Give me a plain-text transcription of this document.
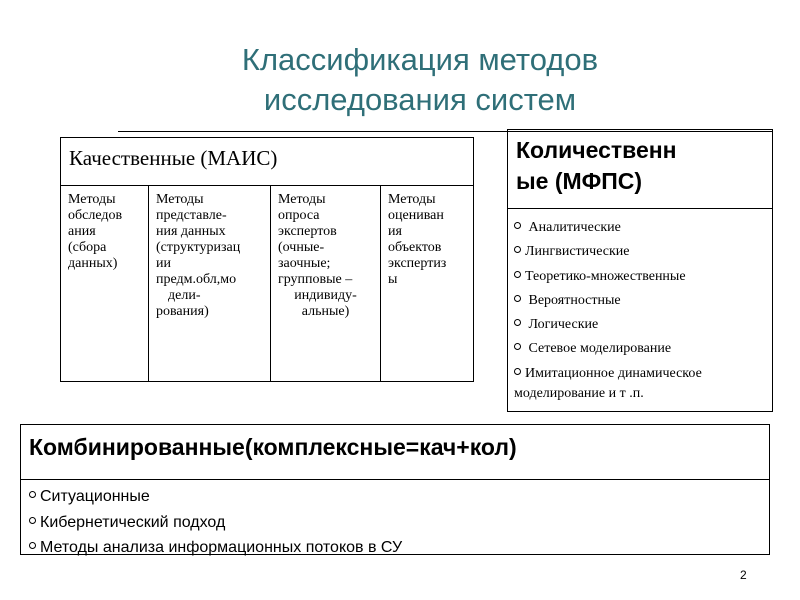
Классификация методов
исследования систем
Качественные (МАИС)
Методы
обследов
ания
(сбора
данных)
Методы
представле-
ния данных
(структуризац
ии
предм.обл,мо
дели-
рования)
Методы
опроса
экспертов
(очные-
заочные;
групповые –
индивиду-
альные)
Методы
оцениван
ия
объектов
экспертиз
ы
Количественн
ые (МФПС)
Аналитические
Лингвистические
Теоретико-множественные
Вероятностные
Логические
Сетевое моделирование
Имитационное динамическое моделирование и т .п.
Комбинированные(комплексные=кач+кол)
Ситуационные
Кибернетический подход
Методы анализа информационных потоков в СУ
2
